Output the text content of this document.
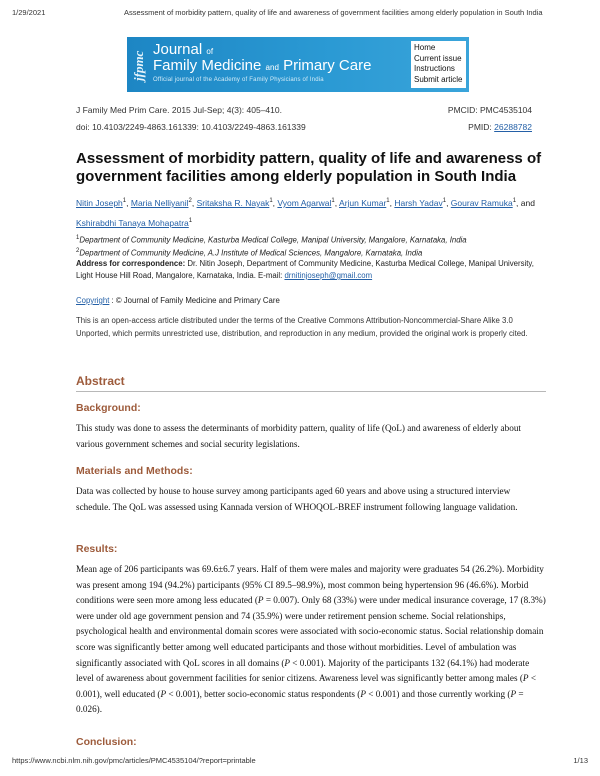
1/29/2021	Assessment of morbidity pattern, quality of life and awareness of government facilities among elderly population in South India
jfpmc
Journal of
Family Medicine and Primary Care
Official journal of the Academy of Family Physicians of India
Home
Current issue
Instructions
Submit article
J Family Med Prim Care. 2015 Jul-Sep; 4(3): 405–410.	PMCID: PMC4535104
doi: 10.4103/2249-4863.161339: 10.4103/2249-4863.161339	PMID: 26288782
Assessment of morbidity pattern, quality of life and awareness of government facilities among elderly population in South India
Nitin Joseph$^1$, Maria Nelliyanil$^2$, Sritaksha R. Nayak$^1$, Vyom Agarwal$^1$, Arjun Kumar$^1$, Harsh Yadav$^1$, Gourav Ramuka$^1$, and Kshirabdhi Tanaya Mohapatra$^1$
$^1$Department of Community Medicine, Kasturba Medical College, Manipal University, Mangalore, Karnataka, India
$^2$Department of Community Medicine, A.J Institute of Medical Sciences, Mangalore, Karnataka, India
Address for correspondence: Dr. Nitin Joseph, Department of Community Medicine, Kasturba Medical College, Manipal University, Light House Hill Road, Mangalore, Karnataka, India. E-mail: drnitinjoseph@gmail.com
Copyright : © Journal of Family Medicine and Primary Care
This is an open-access article distributed under the terms of the Creative Commons Attribution-Noncommercial-Share Alike 3.0 Unported, which permits unrestricted use, distribution, and reproduction in any medium, provided the original work is properly cited.
Abstract
Background:
This study was done to assess the determinants of morbidity pattern, quality of life (QoL) and awareness of elderly about various government schemes and social security legislations.
Materials and Methods:
Data was collected by house to house survey among participants aged 60 years and above using a structured interview schedule. The QoL was assessed using Kannada version of WHOQOL-BREF instrument following language validation.
Results:
Mean age of 206 participants was 69.6±6.7 years. Half of them were males and majority were graduates 54 (26.2%). Morbidity was present among 194 (94.2%) participants (95% CI 89.5–98.9%), most common being hypertension 96 (46.6%). Morbid conditions were seen more among less educated (P = 0.007). Only 68 (33%) were under medical insurance coverage, 17 (8.3%) were under old age government pension and 74 (35.9%) were under retirement pension scheme. Social relationships, psychological health and environmental domain scores were associated with socio-economic status. Social relationship domain score was significantly better among well educated participants and those without morbidities. Level of ambulation was significantly associated with QoL scores in all domains (P < 0.001). Majority of the participants 132 (64.1%) had moderate level of awareness about government facilities for senior citizens. Awareness level was significantly better among males (P < 0.001), well educated (P < 0.001), better socio-economic status respondents (P < 0.001) and those currently working (P = 0.026).
Conclusion:
https://www.ncbi.nlm.nih.gov/pmc/articles/PMC4535104/?report=printable	1/13
